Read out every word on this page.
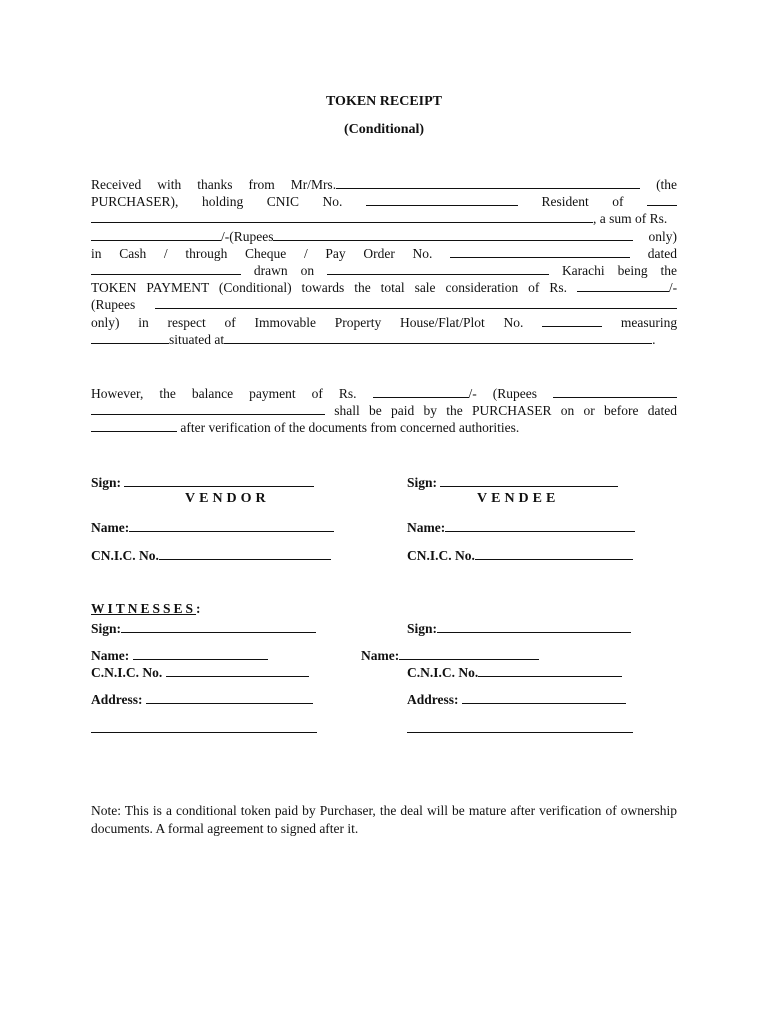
TOKEN RECEIPT
(Conditional)
Received with thanks from Mr/Mrs.	(the
PURCHASER), holding CNIC No.	Resident of
, a sum of Rs.
/-(Rupees	only)
in Cash / through Cheque / Pay Order No.	dated
drawn on	Karachi being the
TOKEN PAYMENT (Conditional) towards the total sale consideration of Rs.	/-
(Rupees
only) in respect of Immovable Property House/Flat/Plot No.	measuring
situated at	.
However, the balance payment of Rs.	/- (Rupees
shall be paid by the PURCHASER on or before dated
after verification of the documents from concerned authorities.
Sign:
VENDOR
Sign:
VENDEE
Name:	Name:
CN.I.C. No.	CN.I.C. No.
WITNESSES:
Sign:	Sign:
Name:	Name:
C.N.I.C. No.	C.N.I.C. No.
Address:	Address:
Note: This is a conditional token paid by Purchaser, the deal will be mature after verification of ownership documents. A formal agreement to signed after it.
